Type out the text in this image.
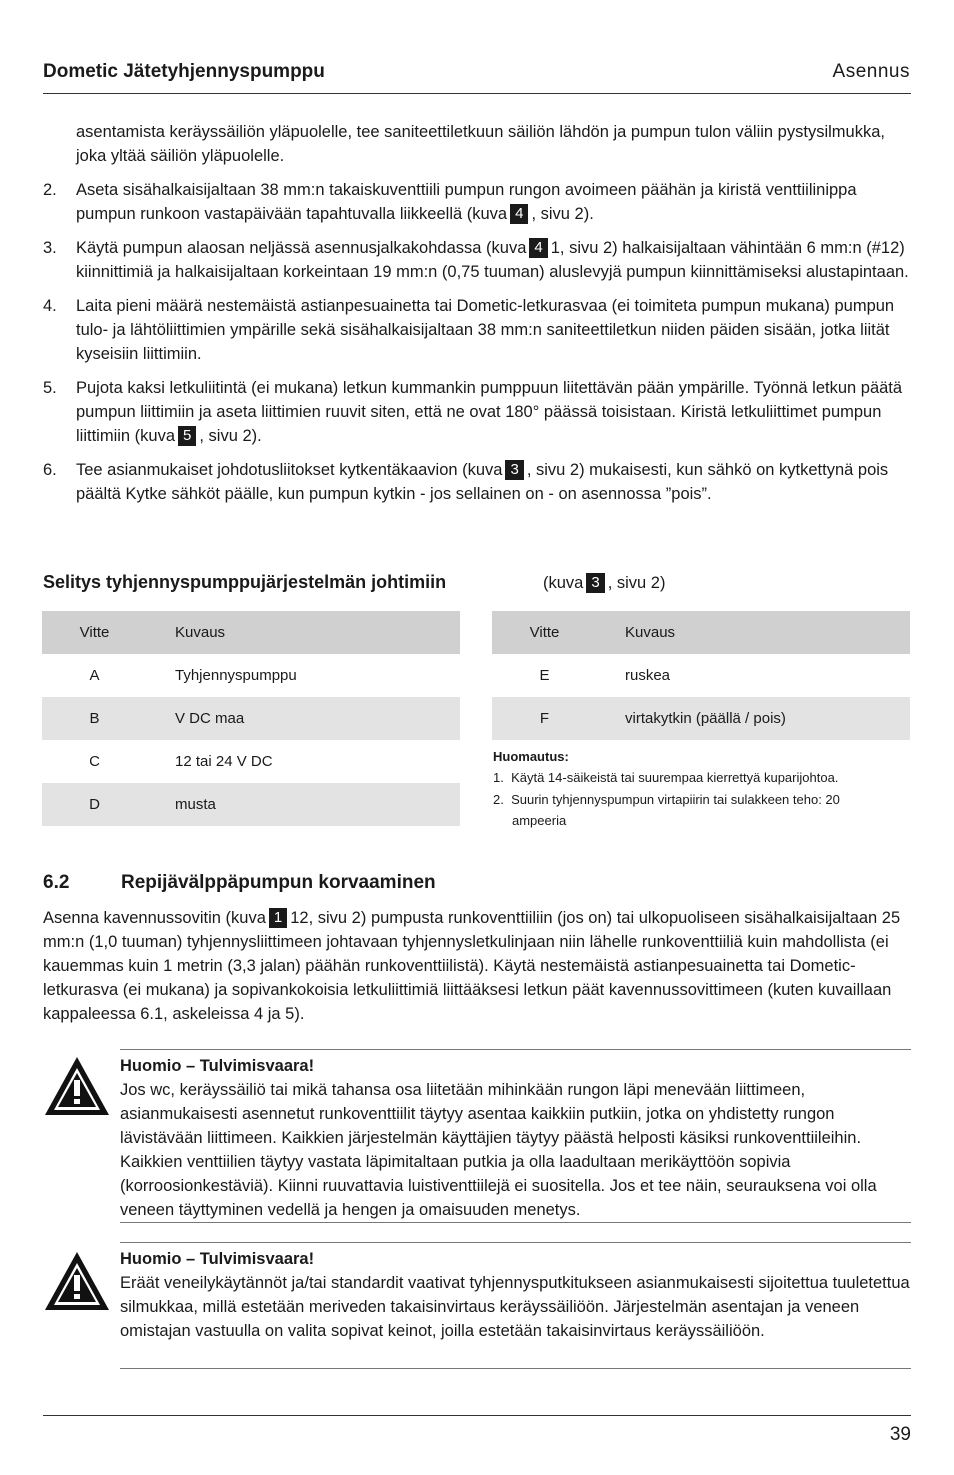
Dometic Jätetyhjennyspumppu	Asennus
asentamista keräyssäiliön yläpuolelle, tee saniteettiletkuun säiliön lähdön ja pumpun tulon väliin pystysilmukka, joka yltää säiliön yläpuolelle.
2. Aseta sisähalkaisijaltaan 38 mm:n takaiskuventtiili pumpun rungon avoimeen päähän ja kiristä venttiilinippa pumpun runkoon vastapäivään tapahtuvalla liikkeellä (kuva 4 , sivu 2).
3. Käytä pumpun alaosan neljässä asennusjalkakohdassa (kuva 4 1, sivu 2) halkaisijaltaan vähintään 6 mm:n (#12) kiinnittimiä ja halkaisijaltaan korkeintaan 19 mm:n (0,75 tuuman) aluslevyjä pumpun kiinnittämiseksi alustapintaan.
4. Laita pieni määrä nestemäistä astianpesuainetta tai Dometic-letkurasvaa (ei toimiteta pumpun mukana) pumpun tulo- ja lähtöliittimien ympärille sekä sisähalkaisijaltaan 38 mm:n saniteettiletkun niiden päiden sisään, jotka liität kyseisiin liittimiin.
5. Pujota kaksi letkuliitintä (ei mukana) letkun kummankin pumppuun liitettävän pään ympärille. Työnnä letkun päätä pumpun liittimiin ja aseta liittimien ruuvit siten, että ne ovat 180° päässä toisistaan. Kiristä letkuliittimet pumpun liittimiin (kuva 5 , sivu 2).
6. Tee asianmukaiset johdotusliitokset kytkentäkaavion (kuva 3 , sivu 2) mukaisesti, kun sähkö on kytkettynä pois päältä Kytke sähköt päälle, kun pumpun kytkin - jos sellainen on - on asennossa ”pois”.
Selitys tyhjennyspumppujärjestelmän johtimiin	(kuva 3 , sivu 2)
Vitte	Kuvaus
A	Tyhjennyspumppu
B	V DC maa
C	12 tai 24 V DC
D	musta
Vitte	Kuvaus
E	ruskea
F	virtakytkin (päällä / pois)
Huomautus:
1. Käytä 14-säikeistä tai suurempaa kierrettyä kuparijohtoa.
2. Suurin tyhjennyspumpun virtapiirin tai sulakkeen teho: 20 ampeeria
6.2	Repijävälppäpumpun korvaaminen
Asenna kavennussovitin (kuva 1 12, sivu 2) pumpusta runkoventtiiliin (jos on) tai ulkopuoliseen sisähalkaisijaltaan 25 mm:n (1,0 tuuman) tyhjennysliittimeen johtavaan tyhjennysletkulinjaan niin lähelle runkoventtiiliä kuin mahdollista (ei kauemmas kuin 1 metrin (3,3 jalan) päähän runkoventtiilistä). Käytä nestemäistä astianpesuainetta tai Dometic-letkurasva (ei mukana) ja sopivankokoisia letkuliittimiä liittääksesi letkun päät kavennussovittimeen (kuten kuvaillaan kappaleessa 6.1, askeleissa 4 ja 5).
Huomio – Tulvimisvaara!
Jos wc, keräyssäiliö tai mikä tahansa osa liitetään mihinkään rungon läpi menevään liittimeen, asianmukaisesti asennetut runkoventtiilit täytyy asentaa kaikkiin putkiin, jotka on yhdistetty rungon lävistävään liittimeen. Kaikkien järjestelmän käyttäjien täytyy päästä helposti käsiksi runkoventtiileihin. Kaikkien venttiilien täytyy vastata läpimitaltaan putkia ja olla laadultaan merikäyttöön sopivia (korroosionkestäviä). Kiinni ruuvattavia luistiventtiilejä ei suositella. Jos et tee näin, seurauksena voi olla veneen täyttyminen vedellä ja hengen ja omaisuuden menetys.
Huomio – Tulvimisvaara!
Eräät veneilykäytännöt ja/tai standardit vaativat tyhjennysputkitukseen asianmukaisesti sijoitettua tuuletettua silmukkaa, millä estetään meriveden takaisinvirtaus keräyssäiliöön. Järjestelmän asentajan ja veneen omistajan vastuulla on valita sopivat keinot, joilla estetään takaisinvirtaus keräyssäiliöön.
39
